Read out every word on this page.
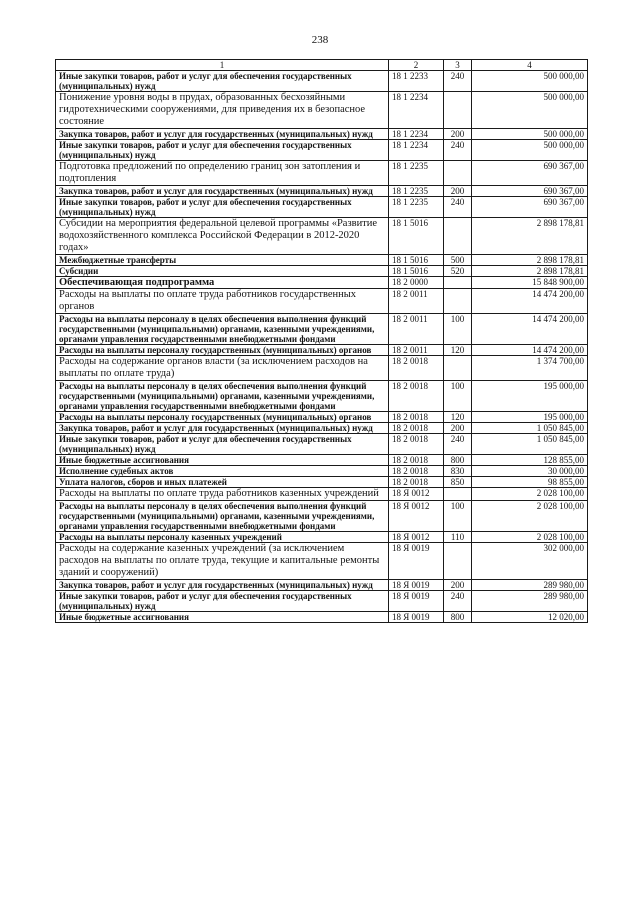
238
1	2	3	4
Иные закупки товаров, работ и услуг для обеспечения государственных (муниципальных) нужд	18 1 2233	240	500 000,00
Понижение уровня воды в прудах, образованных бесхозяйными гидротехническими сооружениями, для приведения их в безопасное состояние	18 1 2234		500 000,00
Закупка товаров, работ и услуг для государственных (муниципальных) нужд	18 1 2234	200	500 000,00
Иные закупки товаров, работ и услуг для обеспечения государственных (муниципальных) нужд	18 1 2234	240	500 000,00
Подготовка предложений по определению границ зон затопления и подтопления	18 1 2235		690 367,00
Закупка товаров, работ и услуг для государственных (муниципальных) нужд	18 1 2235	200	690 367,00
Иные закупки товаров, работ и услуг для обеспечения государственных (муниципальных) нужд	18 1 2235	240	690 367,00
Субсидии на мероприятия федеральной целевой программы «Развитие водохозяйственного комплекса Российской Федерации в 2012-2020 годах»	18 1 5016		2 898 178,81
Межбюджетные трансферты	18 1 5016	500	2 898 178,81
Субсидии	18 1 5016	520	2 898 178,81
Обеспечивающая подпрограмма	18 2 0000		15 848 900,00
Расходы на выплаты по оплате труда работников государственных органов	18 2 0011		14 474 200,00
Расходы на выплаты персоналу в целях обеспечения выполнения функций государственными (муниципальными) органами, казенными учреждениями, органами управления государственными внебюджетными фондами	18 2 0011	100	14 474 200,00
Расходы на выплаты персоналу государственных (муниципальных) органов	18 2 0011	120	14 474 200,00
Расходы на содержание органов власти (за исключением расходов на выплаты по оплате труда)	18 2 0018		1 374 700,00
Расходы на выплаты персоналу в целях обеспечения выполнения функций государственными (муниципальными) органами, казенными учреждениями, органами управления государственными внебюджетными фондами	18 2 0018	100	195 000,00
Расходы на выплаты персоналу государственных (муниципальных) органов	18 2 0018	120	195 000,00
Закупка товаров, работ и услуг для государственных (муниципальных) нужд	18 2 0018	200	1 050 845,00
Иные закупки товаров, работ и услуг для обеспечения государственных (муниципальных) нужд	18 2 0018	240	1 050 845,00
Иные бюджетные ассигнования	18 2 0018	800	128 855,00
Исполнение судебных актов	18 2 0018	830	30 000,00
Уплата налогов, сборов и иных платежей	18 2 0018	850	98 855,00
Расходы на выплаты по оплате труда работников казенных учреждений	18 Я 0012		2 028 100,00
Расходы на выплаты персоналу в целях обеспечения выполнения функций государственными (муниципальными) органами, казенными учреждениями, органами управления государственными внебюджетными фондами	18 Я 0012	100	2 028 100,00
Расходы на выплаты персоналу казенных учреждений	18 Я 0012	110	2 028 100,00
Расходы на содержание казенных учреждений (за исключением расходов на выплаты по оплате труда, текущие и капитальные ремонты зданий и сооружений)	18 Я 0019		302 000,00
Закупка товаров, работ и услуг для государственных (муниципальных) нужд	18 Я 0019	200	289 980,00
Иные закупки товаров, работ и услуг для обеспечения государственных (муниципальных) нужд	18 Я 0019	240	289 980,00
Иные бюджетные ассигнования	18 Я 0019	800	12 020,00
